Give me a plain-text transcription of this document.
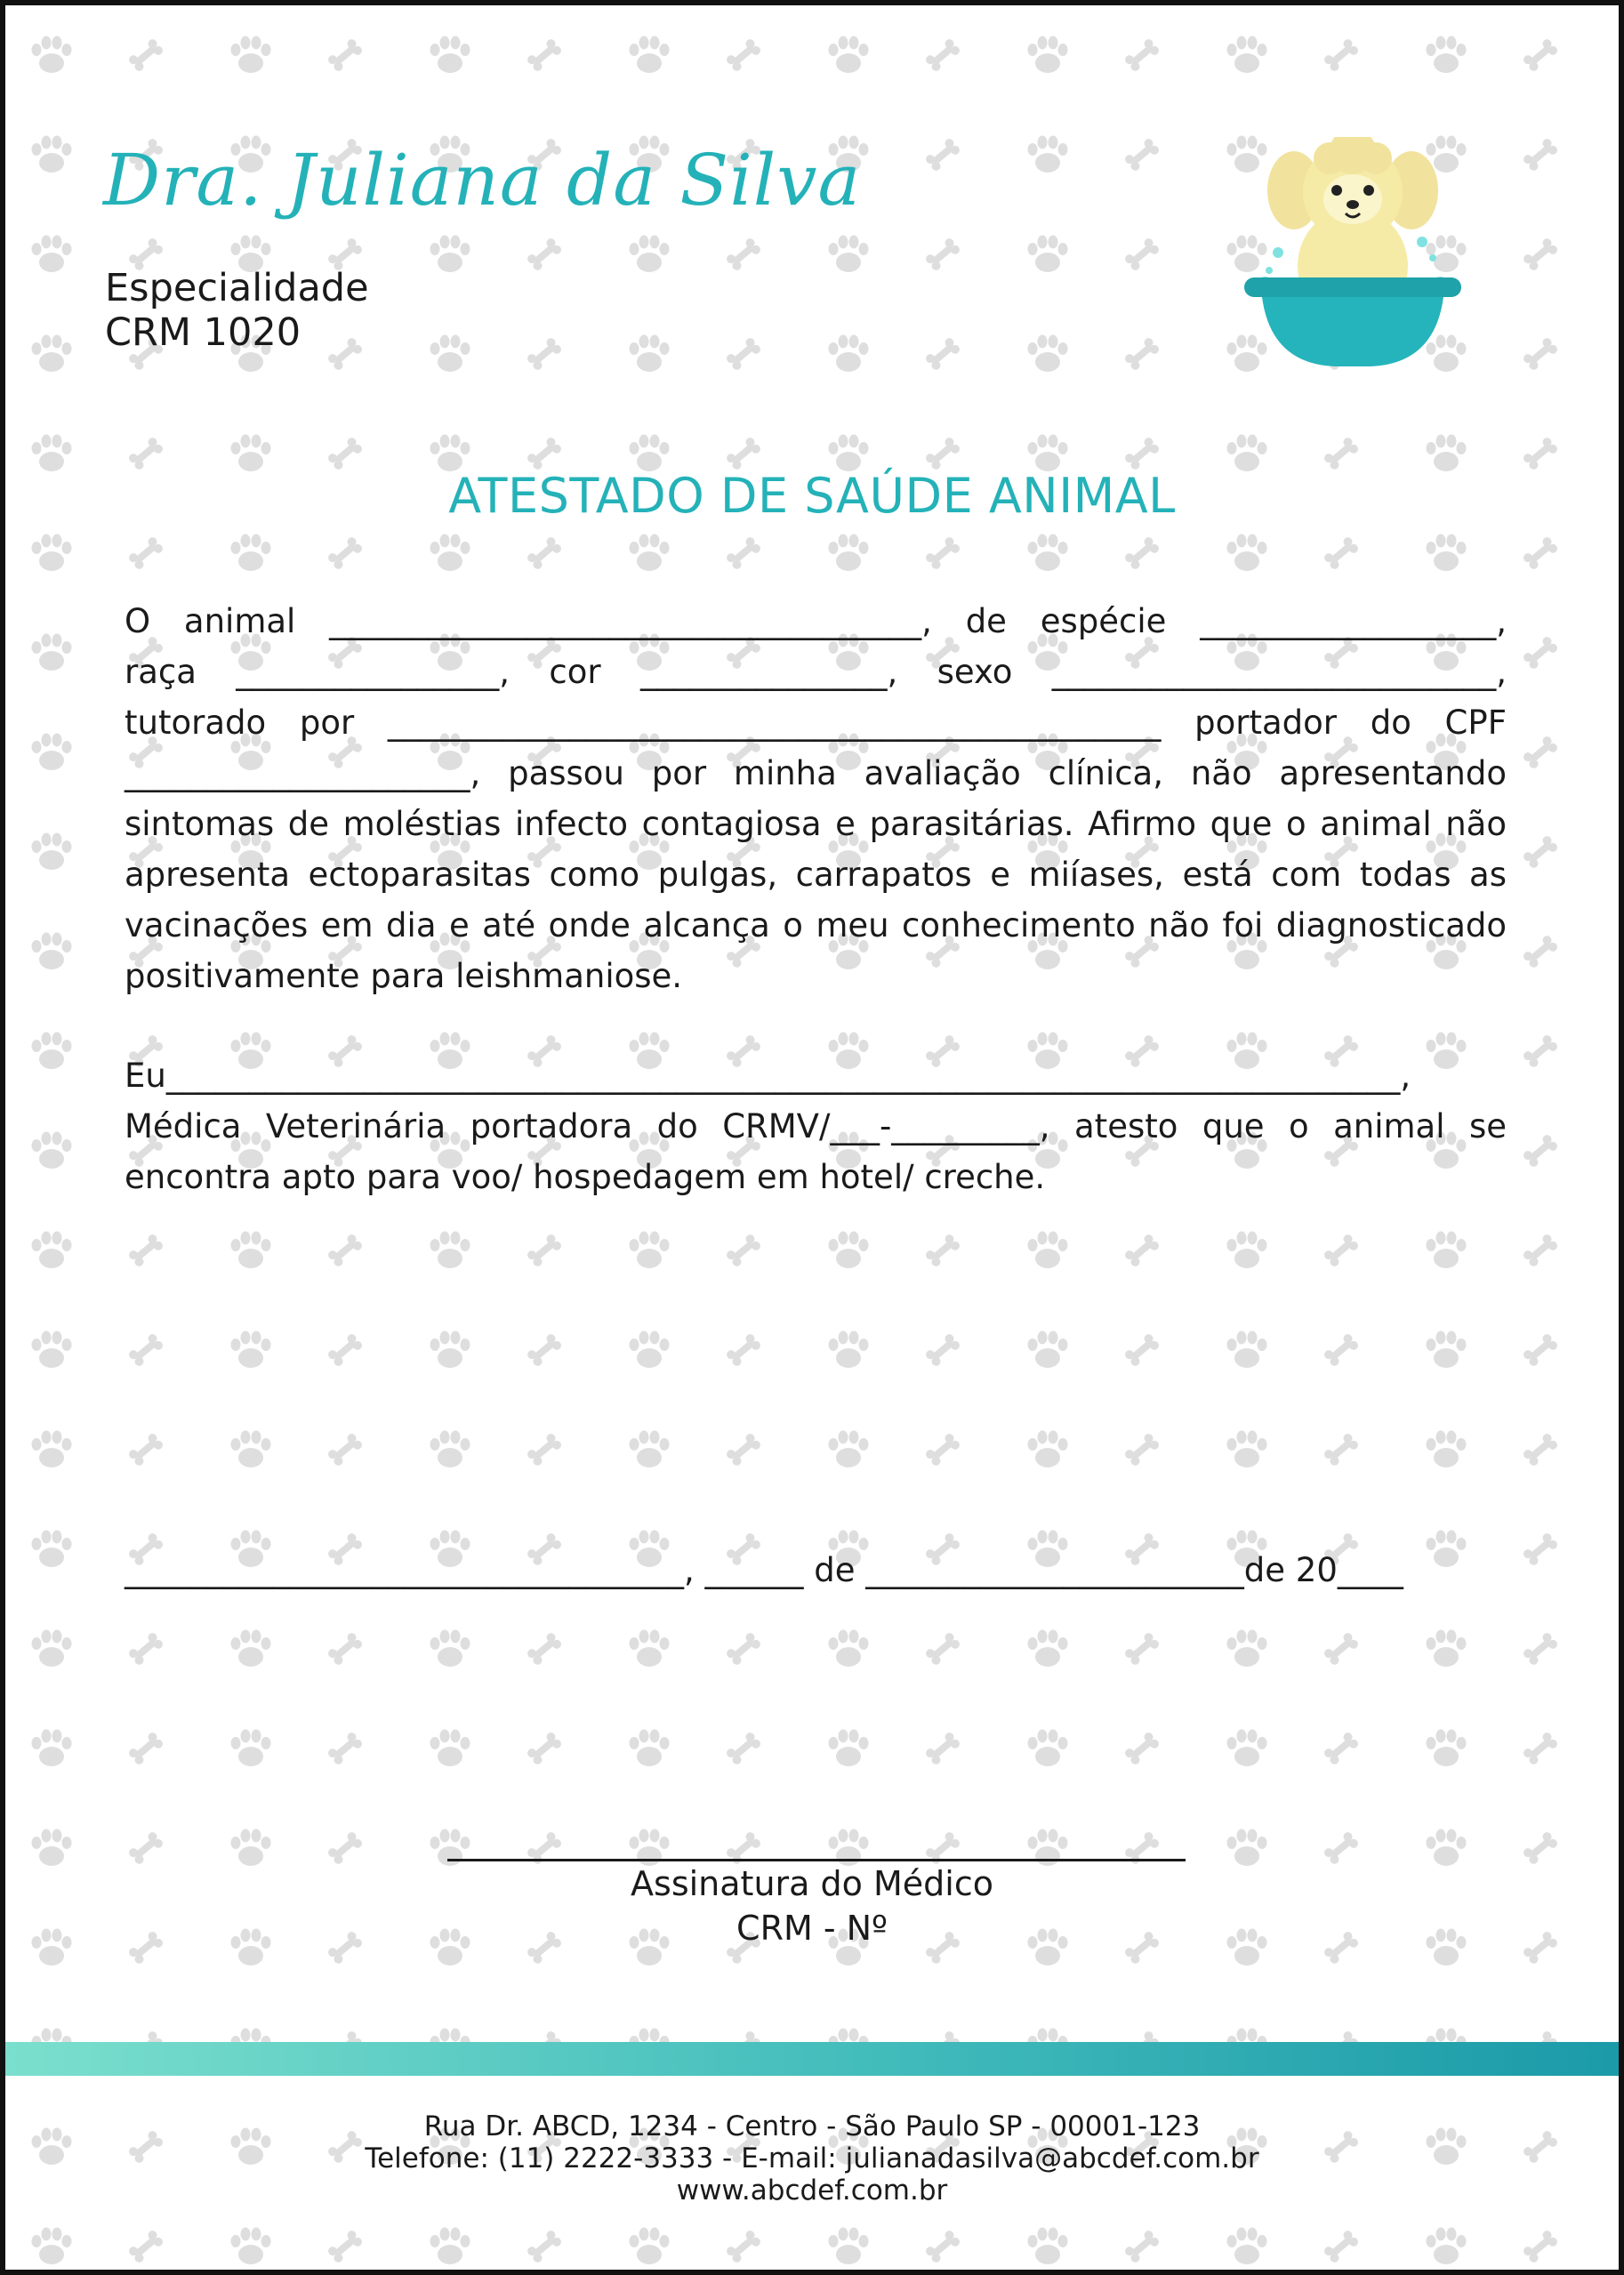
Dra. Juliana da Silva
Especialidade
CRM 1020
ATESTADO DE SAÚDE ANIMAL
O animal ____________________________________, de espécie __________________,
raça ________________, cor _______________, sexo ___________________________,
tutorado por _______________________________________________ portador do CPF
_____________________, passou por minha avaliação clínica, não apresentando sintomas de moléstias infecto contagiosa e parasitárias. Afirmo que o animal não apresenta ectoparasitas como pulgas, carrapatos e miíases, está com todas as vacinações em dia e até onde alcança o meu conhecimento não foi diagnosticado positivamente para leishmaniose.
Eu___________________________________________________________________________,
Médica Veterinária portadora do CRMV/___-_________, atesto que o animal se encontra apto para voo/ hospedagem em hotel/ creche.
__________________________________, ______ de _______________________de 20____
Assinatura do Médico
CRM - Nº
Rua Dr. ABCD, 1234 - Centro - São Paulo SP - 00001-123
Telefone: (11) 2222-3333 - E-mail: julianadasilva@abcdef.com.br
www.abcdef.com.br
